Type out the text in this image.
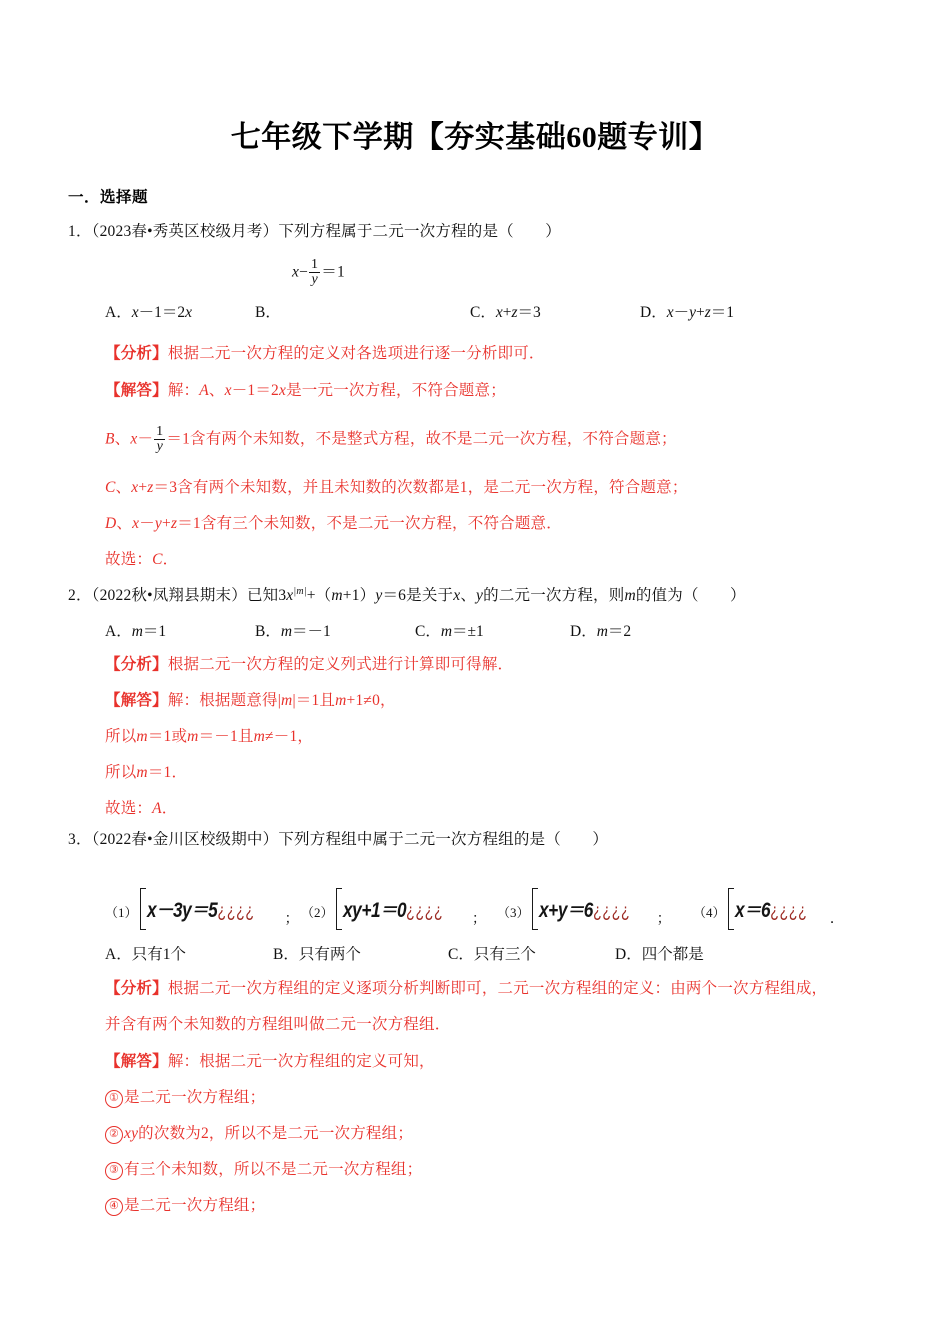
七年级下学期【夯实基础60题专训】
一．选择题
1．（2023春•秀英区校级月考）下列方程属于二元一次方程的是（　　）
$x- \frac{1}{y} =1$
A．x－1＝2x	B．	C．x+z＝3	D．x－y+z＝1
【分析】根据二元一次方程的定义对各选项进行逐一分析即可．
【解答】解：A、x－1＝2x是一元一次方程，不符合题意；
B、$x- \frac{1}{y} =1$含有两个未知数，不是整式方程，故不是二元一次方程，不符合题意；
C、x+z＝3含有两个未知数，并且未知数的次数都是1，是二元一次方程，符合题意；
D、x－y+z＝1含有三个未知数，不是二元一次方程，不符合题意．
故选：C．
2．（2022秋•凤翔县期末）已知$3x^{|m|}+(m+1)y=6$是关于x、y的二元一次方程，则m的值为（　　）
A．m＝1	B．m＝－1	C．m＝±1	D．m＝2
【分析】根据二元一次方程的定义列式进行计算即可得解．
【解答】解：根据题意得|m|＝1且m+1≠0，
所以m＝1或m＝－1且m≠－1，
所以m＝1．
故选：A．
3．（2022春•金川区校级期中）下列方程组中属于二元一次方程组的是（　　）
（1） x－3y＝5¿¿¿¿ ； （2） xy+1＝0¿¿¿¿ ； （3） x+y＝6¿¿¿¿ ； （4） x＝6¿¿¿¿ ．
A．只有1个	B．只有两个	C．只有三个	D．四个都是
【分析】根据二元一次方程组的定义逐项分析判断即可，二元一次方程组的定义：由两个一次方程组成，
并含有两个未知数的方程组叫做二元一次方程组．
【解答】解：根据二元一次方程组的定义可知，
① 是二元一次方程组；
② xy的次数为2，所以不是二元一次方程组；
③ 有三个未知数，所以不是二元一次方程组；
④ 是二元一次方程组；
